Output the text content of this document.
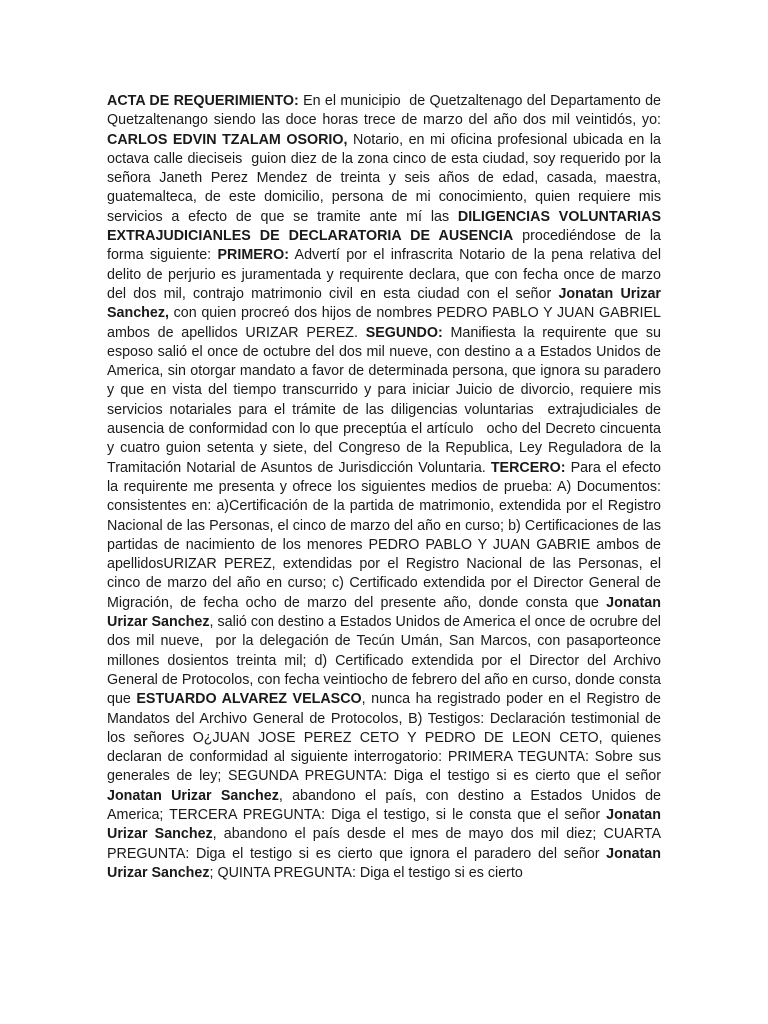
ACTA DE REQUERIMIENTO: En el municipio  de Quetzaltenago del Departamento de Quetzaltenango siendo las doce horas trece de marzo del año dos mil veintidós, yo: CARLOS EDVIN TZALAM OSORIO, Notario, en mi oficina profesional ubicada en la octava calle dieciseis  guion diez de la zona cinco de esta ciudad, soy requerido por la señora Janeth Perez Mendez de treinta y seis años de edad, casada, maestra, guatemalteca, de este domicilio, persona de mi conocimiento, quien requiere mis servicios a efecto de que se tramite ante mí las DILIGENCIAS VOLUNTARIAS EXTRAJUDICIANLES DE DECLARATORIA DE AUSENCIA procediéndose de la forma siguiente: PRIMERO: Advertí por el infrascrita Notario de la pena relativa del delito de perjurio es juramentada y requirente declara, que con fecha once de marzo del dos mil, contrajo matrimonio civil en esta ciudad con el señor Jonatan Urizar Sanchez, con quien procreó dos hijos de nombres PEDRO PABLO Y JUAN GABRIEL ambos de apellidos URIZAR PEREZ. SEGUNDO: Manifiesta la requirente que su esposo salió el once de octubre del dos mil nueve, con destino a a Estados Unidos de America, sin otorgar mandato a favor de determinada persona, que ignora su paradero y que en vista del tiempo transcurrido y para iniciar Juicio de divorcio, requiere mis servicios notariales para el trámite de las diligencias voluntarias  extrajudiciales de ausencia de conformidad con lo que preceptúa el artículo   ocho del Decreto cincuenta y cuatro guion setenta y siete, del Congreso de la Republica, Ley Reguladora de la Tramitación Notarial de Asuntos de Jurisdicción Voluntaria. TERCERO: Para el efecto la requirente me presenta y ofrece los siguientes medios de prueba: A) Documentos: consistentes en: a)Certificación de la partida de matrimonio, extendida por el Registro Nacional de las Personas, el cinco de marzo del año en curso; b) Certificaciones de las partidas de nacimiento de los menores PEDRO PABLO Y JUAN GABRIE ambos de apellidosURIZAR PEREZ, extendidas por el Registro Nacional de las Personas, el cinco de marzo del año en curso; c) Certificado extendida por el Director General de Migración, de fecha ocho de marzo del presente año, donde consta que Jonatan Urizar Sanchez, salió con destino a Estados Unidos de America el once de ocrubre del dos mil nueve,  por la delegación de Tecún Umán, San Marcos, con pasaporteonce millones dosientos treinta mil; d) Certificado extendida por el Director del Archivo General de Protocolos, con fecha veintiocho de febrero del año en curso, donde consta que ESTUARDO ALVAREZ VELASCO, nunca ha registrado poder en el Registro de Mandatos del Archivo General de Protocolos, B) Testigos: Declaración testimonial de los señores O¿JUAN JOSE PEREZ CETO Y PEDRO DE LEON CETO, quienes declaran de conformidad al siguiente interrogatorio: PRIMERA TEGUNTA: Sobre sus generales de ley; SEGUNDA PREGUNTA: Diga el testigo si es cierto que el señor Jonatan Urizar Sanchez, abandono el país, con destino a Estados Unidos de America; TERCERA PREGUNTA: Diga el testigo, si le consta que el señor Jonatan Urizar Sanchez, abandono el país desde el mes de mayo dos mil diez; CUARTA PREGUNTA: Diga el testigo si es cierto que ignora el paradero del señor Jonatan Urizar Sanchez; QUINTA PREGUNTA: Diga el testigo si es cierto
